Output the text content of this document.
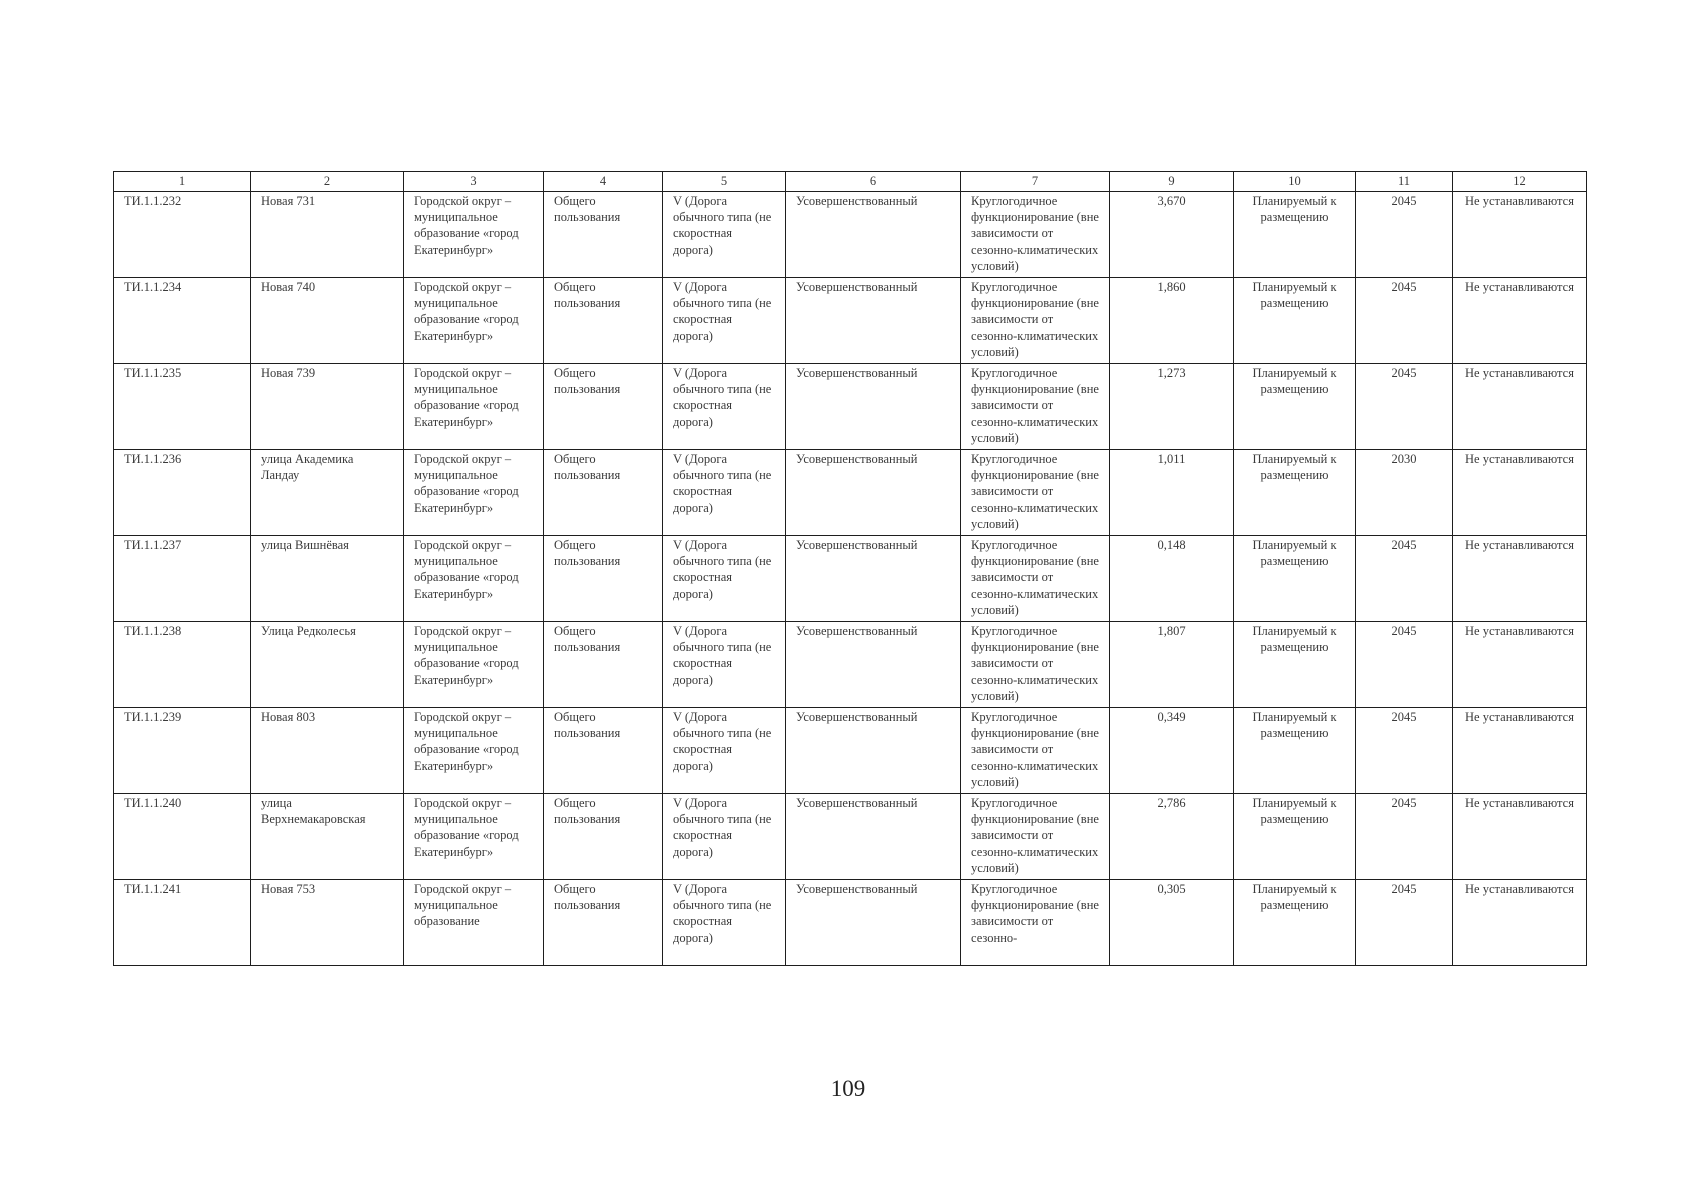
1	2	3	4	5	6	7	9	10	11	12
ТИ.1.1.232	Новая 731	Городской округ – муниципальное образование «город Екатеринбург»	Общего пользования	V (Дорога обычного типа (не скоростная дорога)	Усовершенствованный	Круглогодичное функционирование (вне зависимости от сезонно-климатических условий)	3,670	Планируемый к размещению	2045	Не устанавливаются
ТИ.1.1.234	Новая 740	Городской округ – муниципальное образование «город Екатеринбург»	Общего пользования	V (Дорога обычного типа (не скоростная дорога)	Усовершенствованный	Круглогодичное функционирование (вне зависимости от сезонно-климатических условий)	1,860	Планируемый к размещению	2045	Не устанавливаются
ТИ.1.1.235	Новая 739	Городской округ – муниципальное образование «город Екатеринбург»	Общего пользования	V (Дорога обычного типа (не скоростная дорога)	Усовершенствованный	Круглогодичное функционирование (вне зависимости от сезонно-климатических условий)	1,273	Планируемый к размещению	2045	Не устанавливаются
ТИ.1.1.236	улица Академика Ландау	Городской округ – муниципальное образование «город Екатеринбург»	Общего пользования	V (Дорога обычного типа (не скоростная дорога)	Усовершенствованный	Круглогодичное функционирование (вне зависимости от сезонно-климатических условий)	1,011	Планируемый к размещению	2030	Не устанавливаются
ТИ.1.1.237	улица Вишнёвая	Городской округ – муниципальное образование «город Екатеринбург»	Общего пользования	V (Дорога обычного типа (не скоростная дорога)	Усовершенствованный	Круглогодичное функционирование (вне зависимости от сезонно-климатических условий)	0,148	Планируемый к размещению	2045	Не устанавливаются
ТИ.1.1.238	Улица Редколесья	Городской округ – муниципальное образование «город Екатеринбург»	Общего пользования	V (Дорога обычного типа (не скоростная дорога)	Усовершенствованный	Круглогодичное функционирование (вне зависимости от сезонно-климатических условий)	1,807	Планируемый к размещению	2045	Не устанавливаются
ТИ.1.1.239	Новая 803	Городской округ – муниципальное образование «город Екатеринбург»	Общего пользования	V (Дорога обычного типа (не скоростная дорога)	Усовершенствованный	Круглогодичное функционирование (вне зависимости от сезонно-климатических условий)	0,349	Планируемый к размещению	2045	Не устанавливаются
ТИ.1.1.240	улица Верхнемакаровская	Городской округ – муниципальное образование «город Екатеринбург»	Общего пользования	V (Дорога обычного типа (не скоростная дорога)	Усовершенствованный	Круглогодичное функционирование (вне зависимости от сезонно-климатических условий)	2,786	Планируемый к размещению	2045	Не устанавливаются
ТИ.1.1.241	Новая 753	Городской округ – муниципальное образование	Общего пользования	V (Дорога обычного типа (не скоростная дорога)	Усовершенствованный	Круглогодичное функционирование (вне зависимости от сезонно-	0,305	Планируемый к размещению	2045	Не устанавливаются
109
